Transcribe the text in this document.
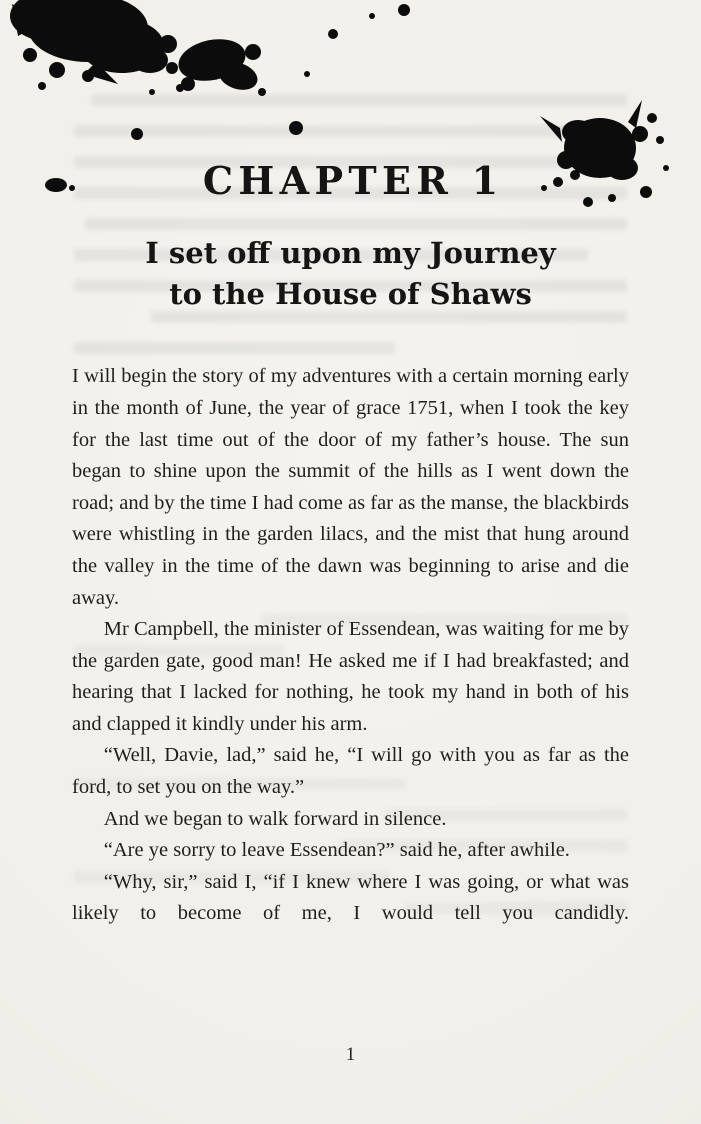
CHAPTER 1
I set off upon my Journey
to the House of Shaws

I will begin the story of my adventures with a certain morning early in the month of June, the year of grace 1751, when I took the key for the last time out of the door of my father’s house. The sun began to shine upon the summit of the hills as I went down the road; and by the time I had come as far as the manse, the blackbirds were whistling in the garden lilacs, and the mist that hung around the valley in the time of the dawn was beginning to arise and die away.

Mr Campbell, the minister of Essendean, was waiting for me by the garden gate, good man! He asked me if I had breakfasted; and hearing that I lacked for nothing, he took my hand in both of his and clapped it kindly under his arm.

“Well, Davie, lad,” said he, “I will go with you as far as the ford, to set you on the way.”

And we began to walk forward in silence.

“Are ye sorry to leave Essendean?” said he, after awhile.

“Why, sir,” said I, “if I knew where I was going, or what was likely to become of me, I would tell you candidly.

1
